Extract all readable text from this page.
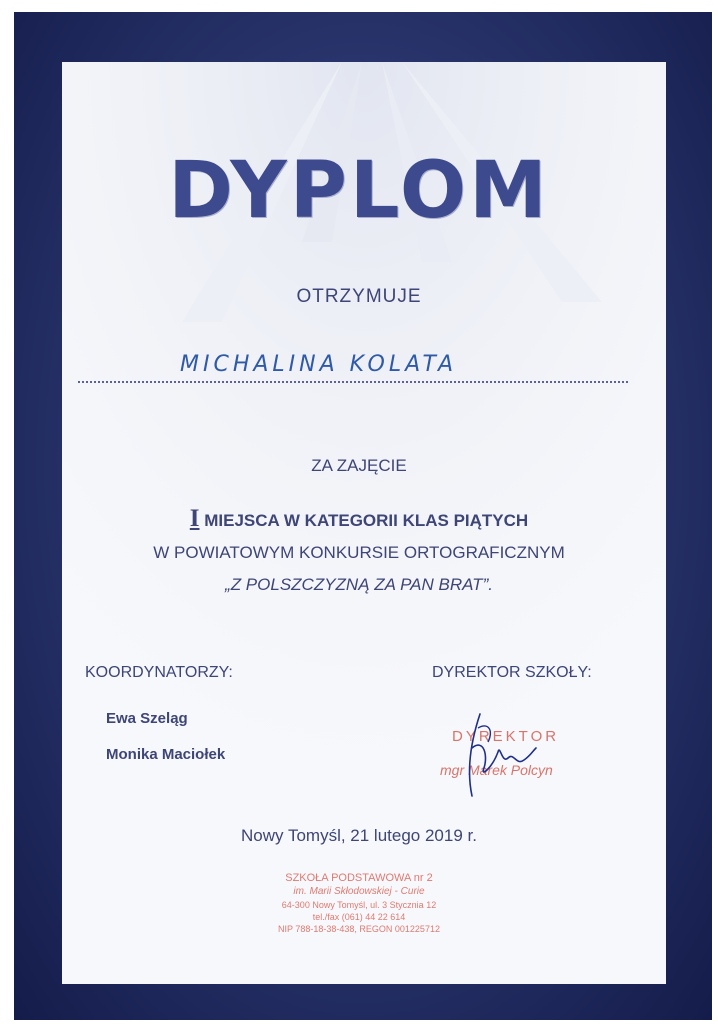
DYPLOM
OTRZYMUJE
MICHALINA KOLATA
ZA ZAJĘCIE
I MIEJSCA W KATEGORII KLAS PIĄTYCH
W POWIATOWYM KONKURSIE ORTOGRAFICZNYM
„Z POLSZCZYZNĄ ZA PAN BRAT”.
KOORDYNATORZY:	DYREKTOR SZKOŁY:
Ewa Szeląg
Monika Maciołek
DYREKTOR
mgr Marek Polcyn
Nowy Tomyśl, 21 lutego 2019 r.
SZKOŁA PODSTAWOWA nr 2
im. Marii Skłodowskiej - Curie
64-300 Nowy Tomyśl, ul. 3 Stycznia 12
tel./fax (061) 44 22 614
NIP 788-18-38-438, REGON 001225712
